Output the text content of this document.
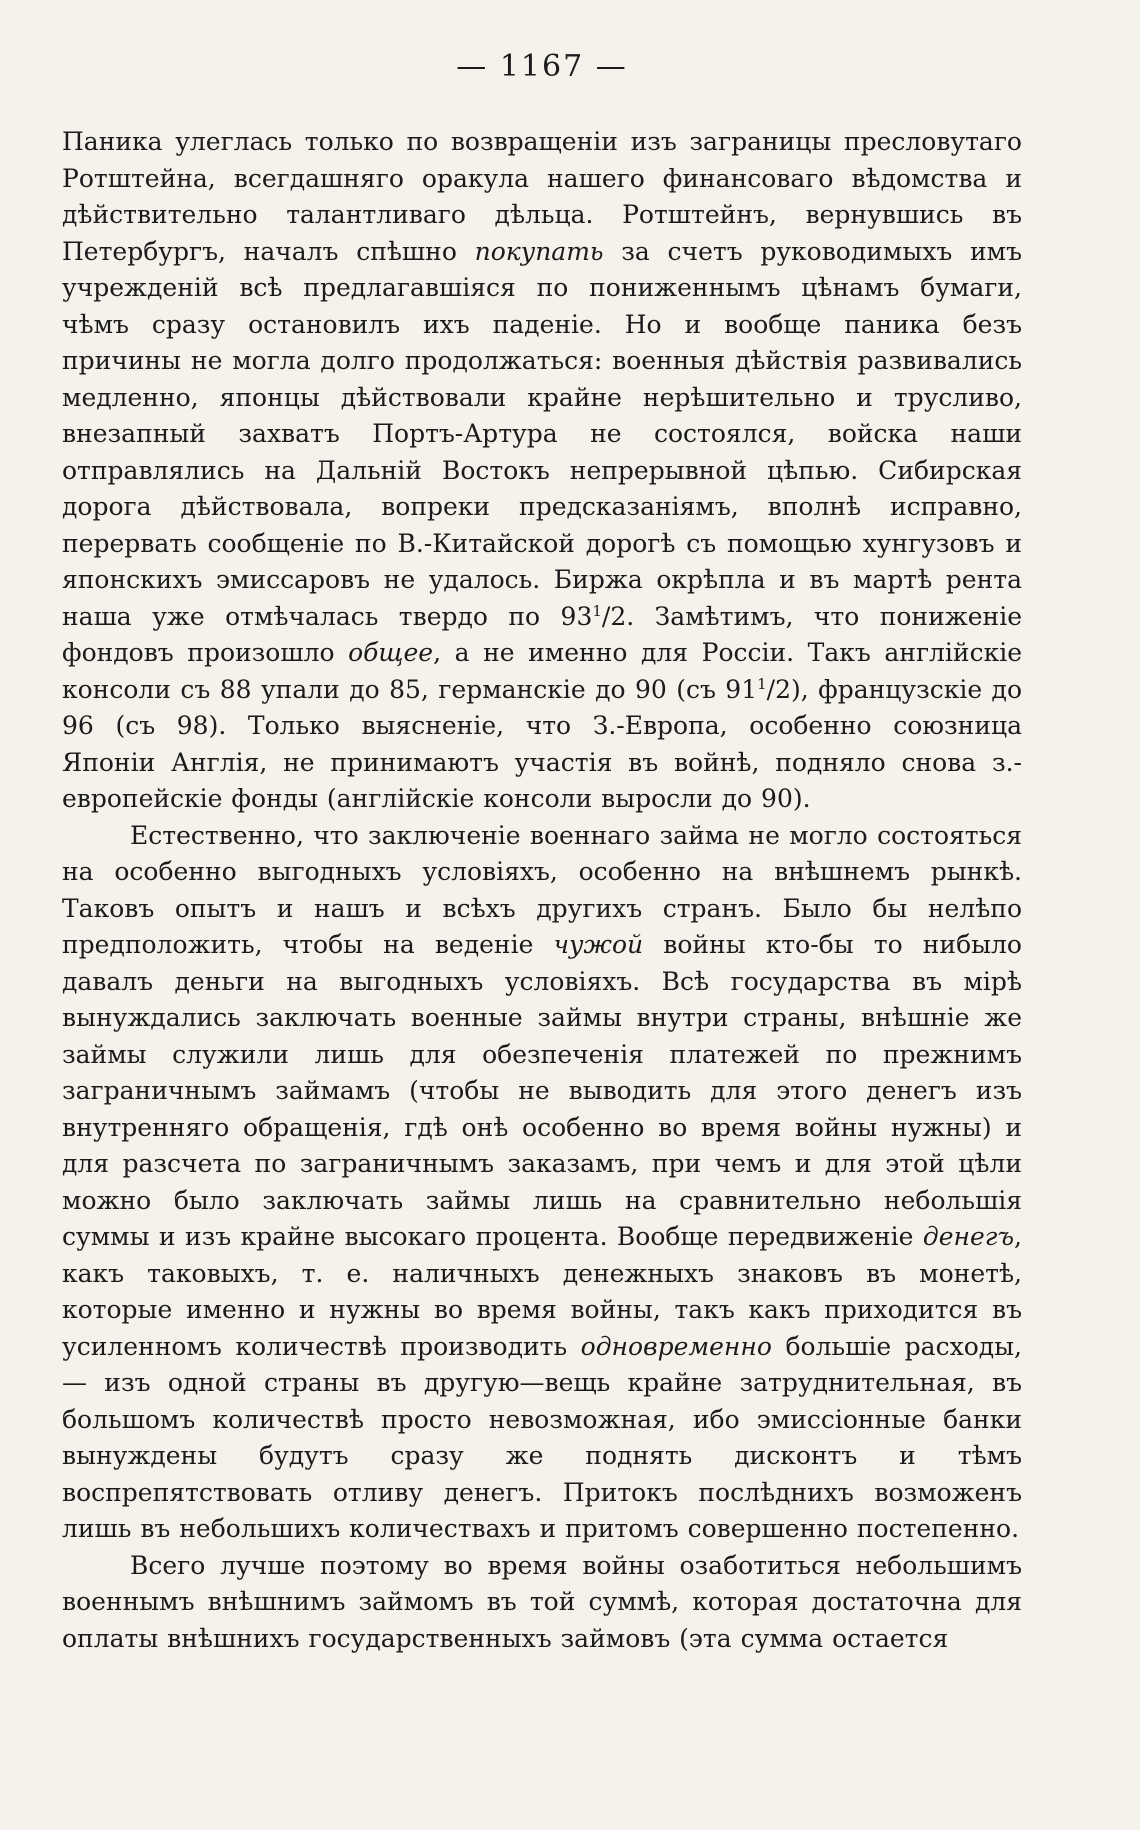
— 1167 —

Паника улеглась только по возвращенiи изъ заграницы пресловутаго Ротштейна, всегдашняго оракула нашего финансоваго вѣдомства и дѣйствительно талантливаго дѣльца. Ротштейнъ, вернувшись въ Петербургъ, началъ спѣшно покупать за счетъ руководимыхъ имъ учрежденiй всѣ предлагавшiяся по пониженнымъ цѣнамъ бумаги, чѣмъ сразу остановилъ ихъ паденiе. Но и вообще паника безъ причины не могла долго продолжаться: военныя дѣйствiя развивались медленно, японцы дѣйствовали крайне нерѣшительно и трусливо, внезапный захватъ Портъ-Артура не состоялся, войска наши отправлялись на Дальнiй Востокъ непрерывной цѣпью. Сибирская дорога дѣйствовала, вопреки предсказанiямъ, вполнѣ исправно, перервать сообщенiе по В.-Китайской дорогѣ съ помощью хунгузовъ и японскихъ эмиссаровъ не удалось. Биржа окрѣпла и въ мартѣ рента наша уже отмѣчалась твердо по $93^1/2$. Замѣтимъ, что пониженiе фондовъ произошло общее, а не именно для Россiи. Такъ англiйскiе консоли съ 88 упали до 85, германскiе до 90 (съ $91^1/2$), французскiе до 96 (съ 98). Только выясненiе, что З.-Европа, особенно союзница Японiи Англiя, не принимаютъ участiя въ войнѣ, подняло снова з.-европейскiе фонды (англiйскiе консоли выросли до 90).

Естественно, что заключенiе военнаго займа не могло состояться на особенно выгодныхъ условiяхъ, особенно на внѣшнемъ рынкѣ. Таковъ опытъ и нашъ и всѣхъ другихъ странъ. Было бы нелѣпо предположить, чтобы на веденiе чужой войны кто-бы то нибыло давалъ деньги на выгодныхъ условiяхъ. Всѣ государства въ мiрѣ вынуждались заключать военные займы внутри страны, внѣшнiе же займы служили лишь для обезпеченiя платежей по прежнимъ заграничнымъ займамъ (чтобы не выводить для этого денегъ изъ внутренняго обращенiя, гдѣ онѣ особенно во время войны нужны) и для разсчета по заграничнымъ заказамъ, при чемъ и для этой цѣли можно было заключать займы лишь на сравнительно небольшiя суммы и изъ крайне высокаго процента. Вообще передвиженiе денегъ, какъ таковыхъ, т. е. наличныхъ денежныхъ знаковъ въ монетѣ, которые именно и нужны во время войны, такъ какъ приходится въ усиленномъ количествѣ производить одновременно большiе расходы,— изъ одной страны въ другую—вещь крайне затруднительная, въ большомъ количествѣ просто невозможная, ибо эмиссiонные банки вынуждены будутъ сразу же поднять дисконтъ и тѣмъ воспрепятствовать отливу денегъ. Притокъ послѣднихъ возможенъ лишь въ небольшихъ количествахъ и притомъ совершенно постепенно.

Всего лучше поэтому во время войны озаботиться небольшимъ военнымъ внѣшнимъ займомъ въ той суммѣ, которая достаточна для оплаты внѣшнихъ государственныхъ займовъ (эта сумма остается
